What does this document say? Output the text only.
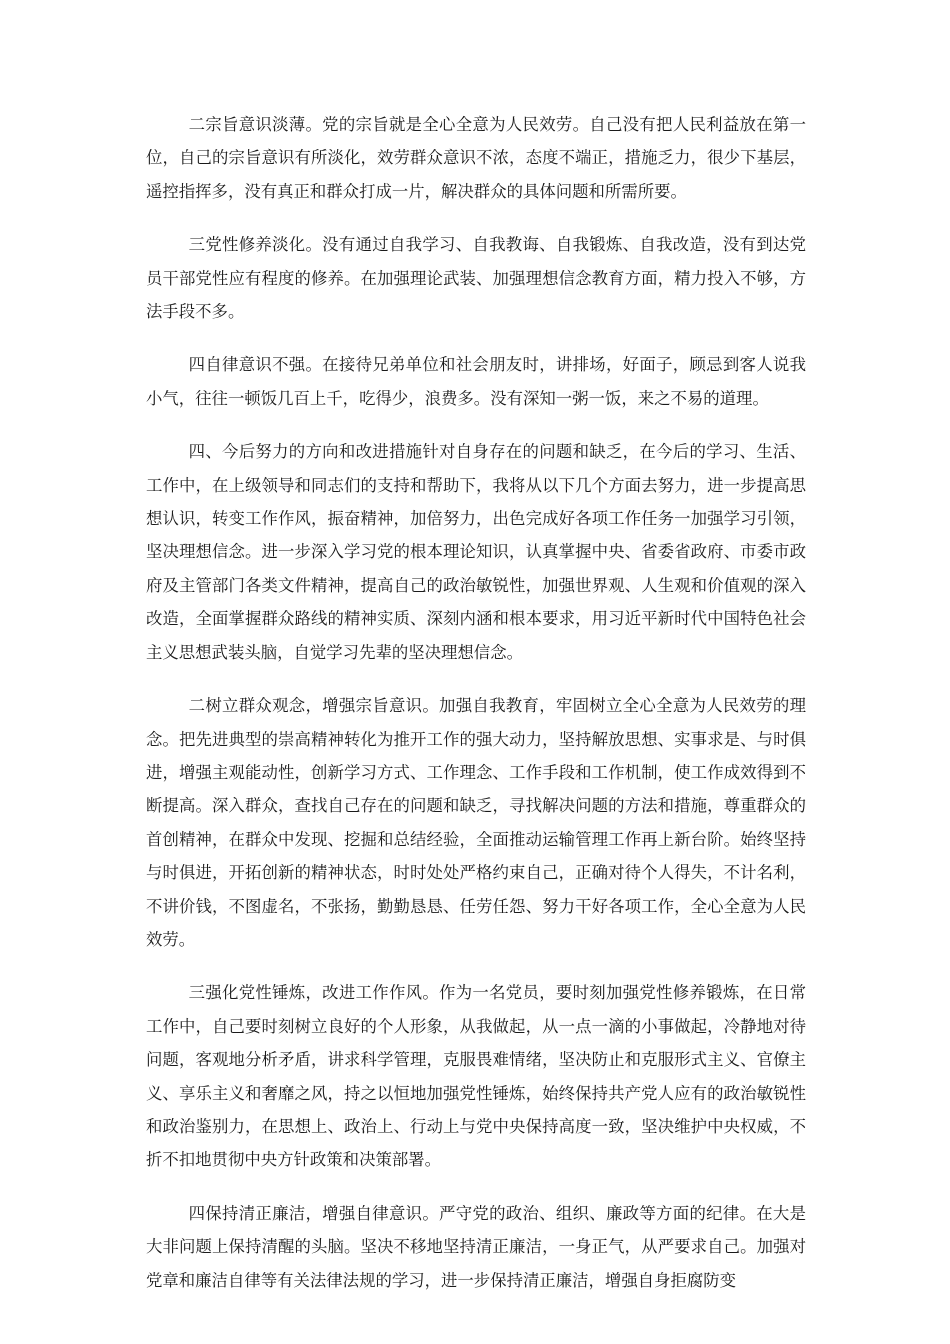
二宗旨意识淡薄。党的宗旨就是全心全意为人民效劳。自己没有把人民利益放在第一位，自己的宗旨意识有所淡化，效劳群众意识不浓，态度不端正，措施乏力，很少下基层，遥控指挥多，没有真正和群众打成一片，解决群众的具体问题和所需所要。

三党性修养淡化。没有通过自我学习、自我教诲、自我锻炼、自我改造，没有到达党员干部党性应有程度的修养。在加强理论武装、加强理想信念教育方面，精力投入不够，方法手段不多。

四自律意识不强。在接待兄弟单位和社会朋友时，讲排场，好面子，顾忌到客人说我小气，往往一顿饭几百上千，吃得少，浪费多。没有深知一粥一饭，来之不易的道理。

四、今后努力的方向和改进措施针对自身存在的问题和缺乏，在今后的学习、生活、工作中，在上级领导和同志们的支持和帮助下，我将从以下几个方面去努力，进一步提高思想认识，转变工作作风，振奋精神，加倍努力，出色完成好各项工作任务一加强学习引领，坚决理想信念。进一步深入学习党的根本理论知识，认真掌握中央、省委省政府、市委市政府及主管部门各类文件精神，提高自己的政治敏锐性，加强世界观、人生观和价值观的深入改造，全面掌握群众路线的精神实质、深刻内涵和根本要求，用习近平新时代中国特色社会主义思想武装头脑，自觉学习先辈的坚决理想信念。

二树立群众观念，增强宗旨意识。加强自我教育，牢固树立全心全意为人民效劳的理念。把先进典型的崇高精神转化为推开工作的强大动力，坚持解放思想、实事求是、与时俱进，增强主观能动性，创新学习方式、工作理念、工作手段和工作机制，使工作成效得到不断提高。深入群众，查找自己存在的问题和缺乏，寻找解决问题的方法和措施，尊重群众的首创精神，在群众中发现、挖掘和总结经验，全面推动运输管理工作再上新台阶。始终坚持与时俱进，开拓创新的精神状态，时时处处严格约束自己，正确对待个人得失，不计名利，不讲价钱，不图虚名，不张扬，勤勤恳恳、任劳任怨、努力干好各项工作，全心全意为人民效劳。

三强化党性锤炼，改进工作作风。作为一名党员，要时刻加强党性修养锻炼，在日常工作中，自己要时刻树立良好的个人形象，从我做起，从一点一滴的小事做起，冷静地对待问题，客观地分析矛盾，讲求科学管理，克服畏难情绪，坚决防止和克服形式主义、官僚主义、享乐主义和奢靡之风，持之以恒地加强党性锤炼，始终保持共产党人应有的政治敏锐性和政治鉴别力，在思想上、政治上、行动上与党中央保持高度一致，坚决维护中央权威，不折不扣地贯彻中央方针政策和决策部署。

四保持清正廉洁，增强自律意识。严守党的政治、组织、廉政等方面的纪律。在大是大非问题上保持清醒的头脑。坚决不移地坚持清正廉洁，一身正气，从严要求自己。加强对党章和廉洁自律等有关法律法规的学习，进一步保持清正廉洁，增强自身拒腐防变
